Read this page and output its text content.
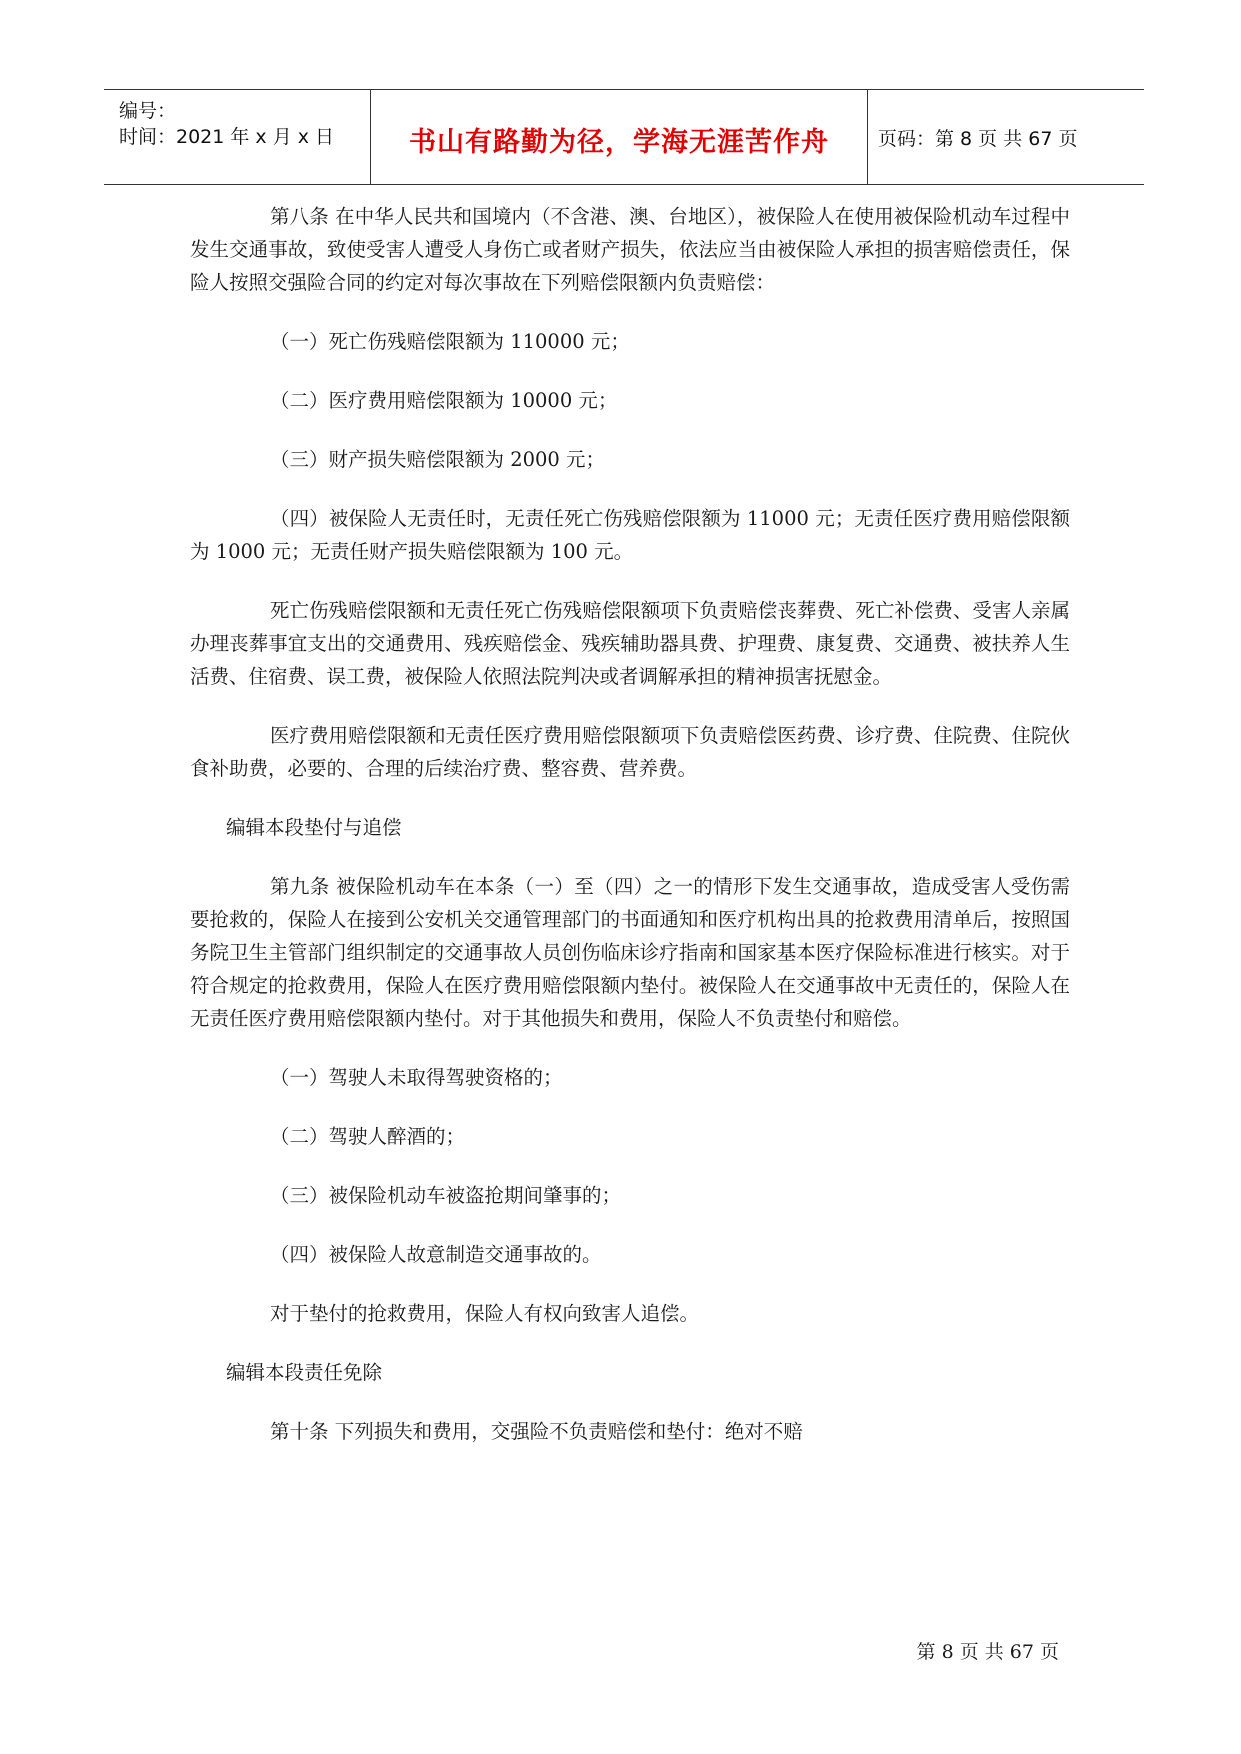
编号：
时间：2021 年 x 月 x 日	书山有路勤为径，学海无涯苦作舟	页码：第 8 页 共 67 页

第八条 在中华人民共和国境内（不含港、澳、台地区），被保险人在使用被保险机动车过程中发生交通事故，致使受害人遭受人身伤亡或者财产损失，依法应当由被保险人承担的损害赔偿责任，保险人按照交强险合同的约定对每次事故在下列赔偿限额内负责赔偿：

（一）死亡伤残赔偿限额为 110000 元；

（二）医疗费用赔偿限额为 10000 元；

（三）财产损失赔偿限额为 2000 元；

（四）被保险人无责任时，无责任死亡伤残赔偿限额为 11000 元；无责任医疗费用赔偿限额为 1000 元；无责任财产损失赔偿限额为 100 元。

死亡伤残赔偿限额和无责任死亡伤残赔偿限额项下负责赔偿丧葬费、死亡补偿费、受害人亲属办理丧葬事宜支出的交通费用、残疾赔偿金、残疾辅助器具费、护理费、康复费、交通费、被扶养人生活费、住宿费、误工费，被保险人依照法院判决或者调解承担的精神损害抚慰金。

医疗费用赔偿限额和无责任医疗费用赔偿限额项下负责赔偿医药费、诊疗费、住院费、住院伙食补助费，必要的、合理的后续治疗费、整容费、营养费。

编辑本段垫付与追偿

第九条 被保险机动车在本条（一）至（四）之一的情形下发生交通事故，造成受害人受伤需要抢救的，保险人在接到公安机关交通管理部门的书面通知和医疗机构出具的抢救费用清单后，按照国务院卫生主管部门组织制定的交通事故人员创伤临床诊疗指南和国家基本医疗保险标准进行核实。对于符合规定的抢救费用，保险人在医疗费用赔偿限额内垫付。被保险人在交通事故中无责任的，保险人在无责任医疗费用赔偿限额内垫付。对于其他损失和费用，保险人不负责垫付和赔偿。

（一）驾驶人未取得驾驶资格的；

（二）驾驶人醉酒的；

（三）被保险机动车被盗抢期间肇事的；

（四）被保险人故意制造交通事故的。

对于垫付的抢救费用，保险人有权向致害人追偿。

编辑本段责任免除

第十条 下列损失和费用，交强险不负责赔偿和垫付：绝对不赔

第 8 页 共 67 页
